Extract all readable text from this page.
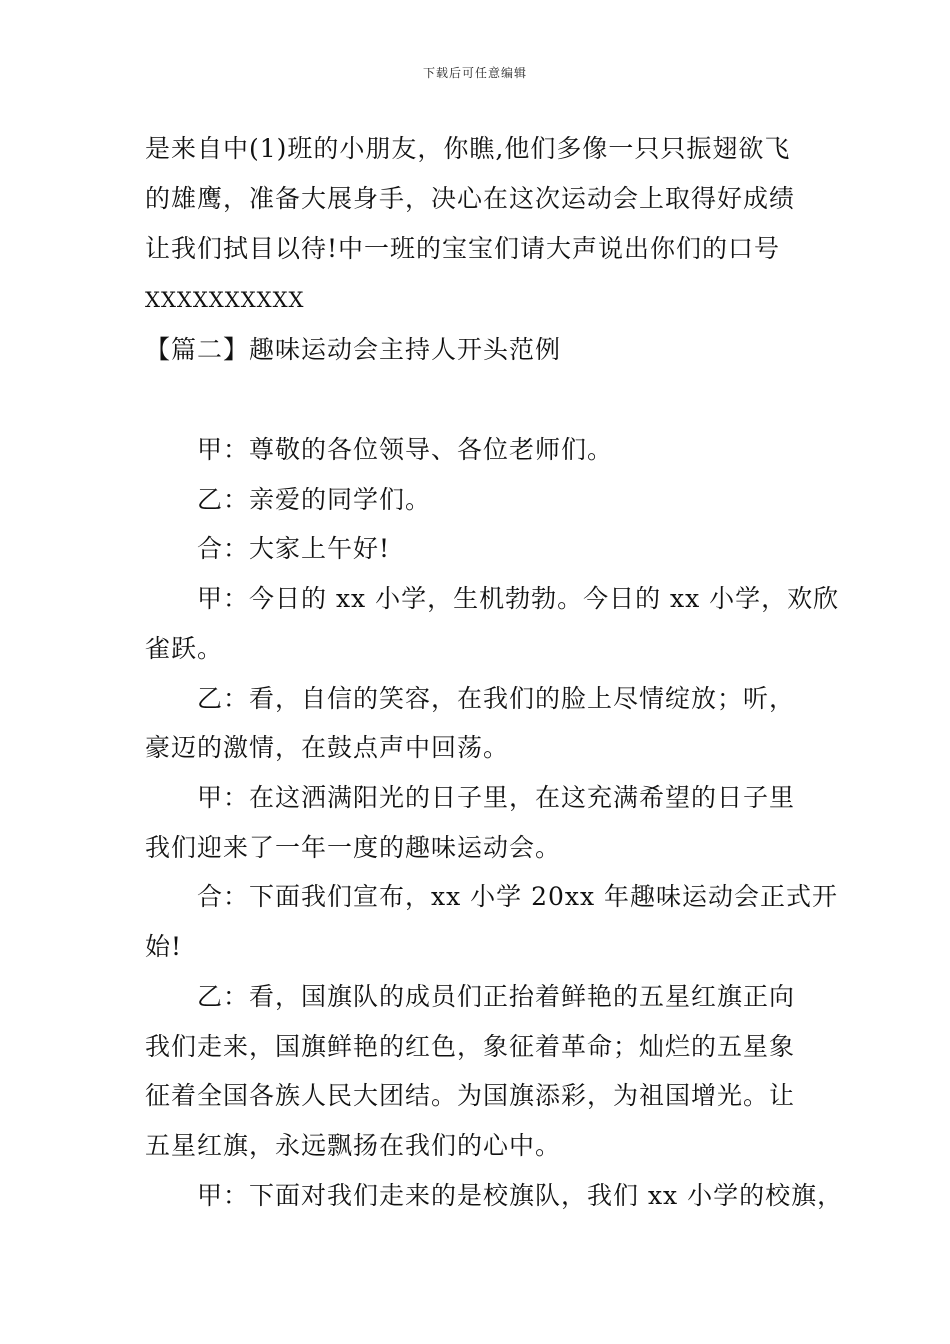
下载后可任意编辑
是来自中(1)班的小朋友，你瞧,他们多像一只只振翅欲飞
的雄鹰，准备大展身手，决心在这次运动会上取得好成绩
让我们拭目以待!中一班的宝宝们请大声说出你们的口号
XXXXXXXXXX
【篇二】趣味运动会主持人开头范例
甲：尊敬的各位领导、各位老师们。
乙：亲爱的同学们。
合：大家上午好!
甲：今日的 xx 小学，生机勃勃。今日的 xx 小学，欢欣
雀跃。
乙：看，自信的笑容，在我们的脸上尽情绽放；听，
豪迈的激情，在鼓点声中回荡。
甲：在这洒满阳光的日子里，在这充满希望的日子里
我们迎来了一年一度的趣味运动会。
合：下面我们宣布，xx 小学 20xx 年趣味运动会正式开
始!
乙：看，国旗队的成员们正抬着鲜艳的五星红旗正向
我们走来，国旗鲜艳的红色，象征着革命；灿烂的五星象
征着全国各族人民大团结。为国旗添彩，为祖国增光。让
五星红旗，永远飘扬在我们的心中。
甲：下面对我们走来的是校旗队，我们 xx 小学的校旗，
